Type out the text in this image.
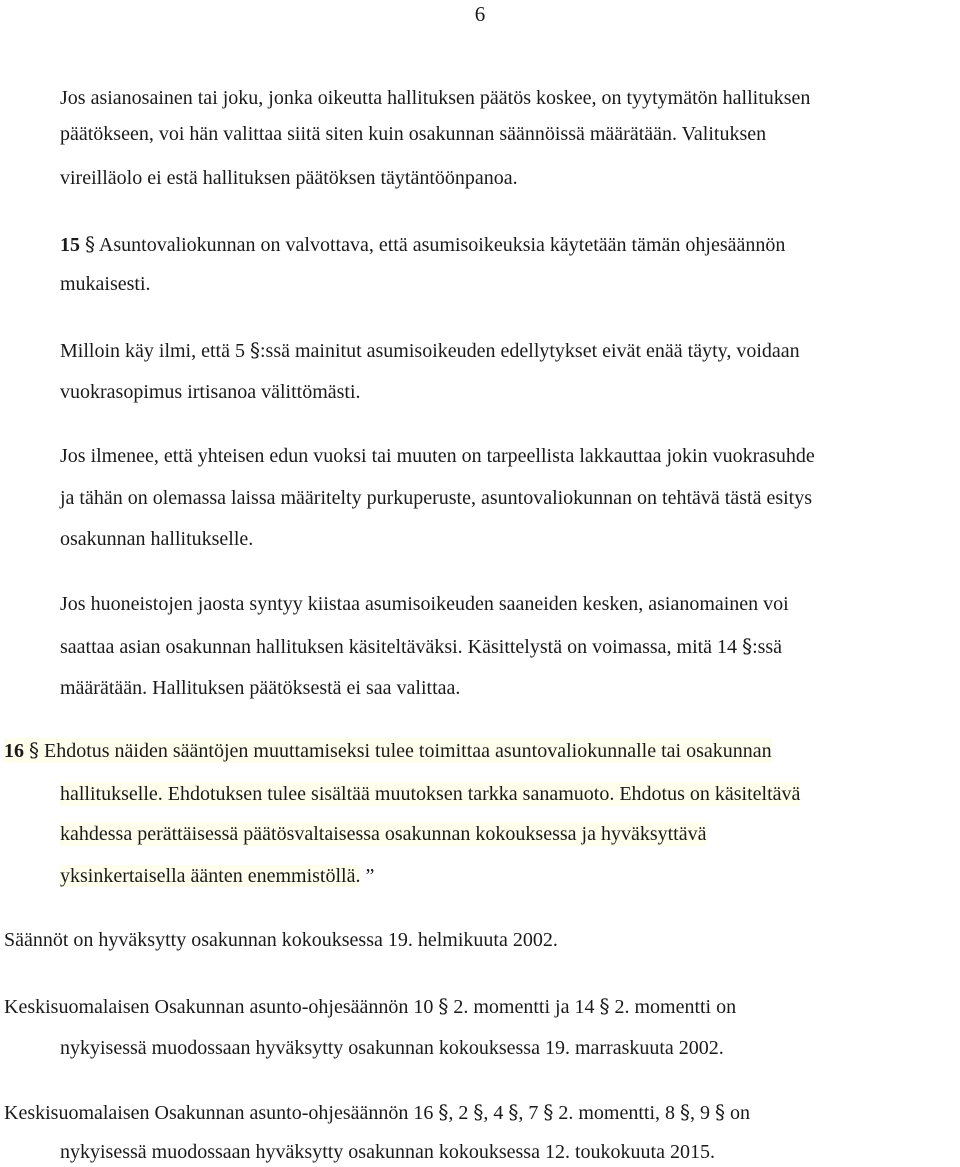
6
Jos asianosainen tai joku, jonka oikeutta hallituksen päätös koskee, on tyytymätön hallituksen
päätökseen, voi hän valittaa siitä siten kuin osakunnan säännöissä määrätään. Valituksen
vireilläolo ei estä hallituksen päätöksen täytäntöönpanoa.
15 § Asuntovaliokunnan on valvottava, että asumisoikeuksia käytetään tämän ohjesäännön
mukaisesti.
Milloin käy ilmi, että 5 §:ssä mainitut asumisoikeuden edellytykset eivät enää täyty, voidaan
vuokrasopimus irtisanoa välittömästi.
Jos ilmenee, että yhteisen edun vuoksi tai muuten on tarpeellista lakkauttaa jokin vuokrasuhde
ja tähän on olemassa laissa määritelty purkuperuste, asuntovaliokunnan on tehtävä tästä esitys
osakunnan hallitukselle.
Jos huoneistojen jaosta syntyy kiistaa asumisoikeuden saaneiden kesken, asianomainen voi
saattaa asian osakunnan hallituksen käsiteltäväksi. Käsittelystä on voimassa, mitä 14 §:ssä
määrätään. Hallituksen päätöksestä ei saa valittaa.
16 § Ehdotus näiden sääntöjen muuttamiseksi tulee toimittaa asuntovaliokunnalle tai osakunnan
hallitukselle. Ehdotuksen tulee sisältää muutoksen tarkka sanamuoto. Ehdotus on käsiteltävä
kahdessa perättäisessä päätösvaltaisessa osakunnan kokouksessa ja hyväksyttävä
yksinkertaisella äänten enemmistöllä. ”
Säännöt on hyväksytty osakunnan kokouksessa 19. helmikuuta 2002.
Keskisuomalaisen Osakunnan asunto-ohjesäännön 10 § 2. momentti ja 14 § 2. momentti on
nykyisessä muodossaan hyväksytty osakunnan kokouksessa 19. marraskuuta 2002.
Keskisuomalaisen Osakunnan asunto-ohjesäännön 16 §, 2 §, 4 §, 7 § 2. momentti, 8 §, 9 § on
nykyisessä muodossaan hyväksytty osakunnan kokouksessa 12. toukokuuta 2015.
